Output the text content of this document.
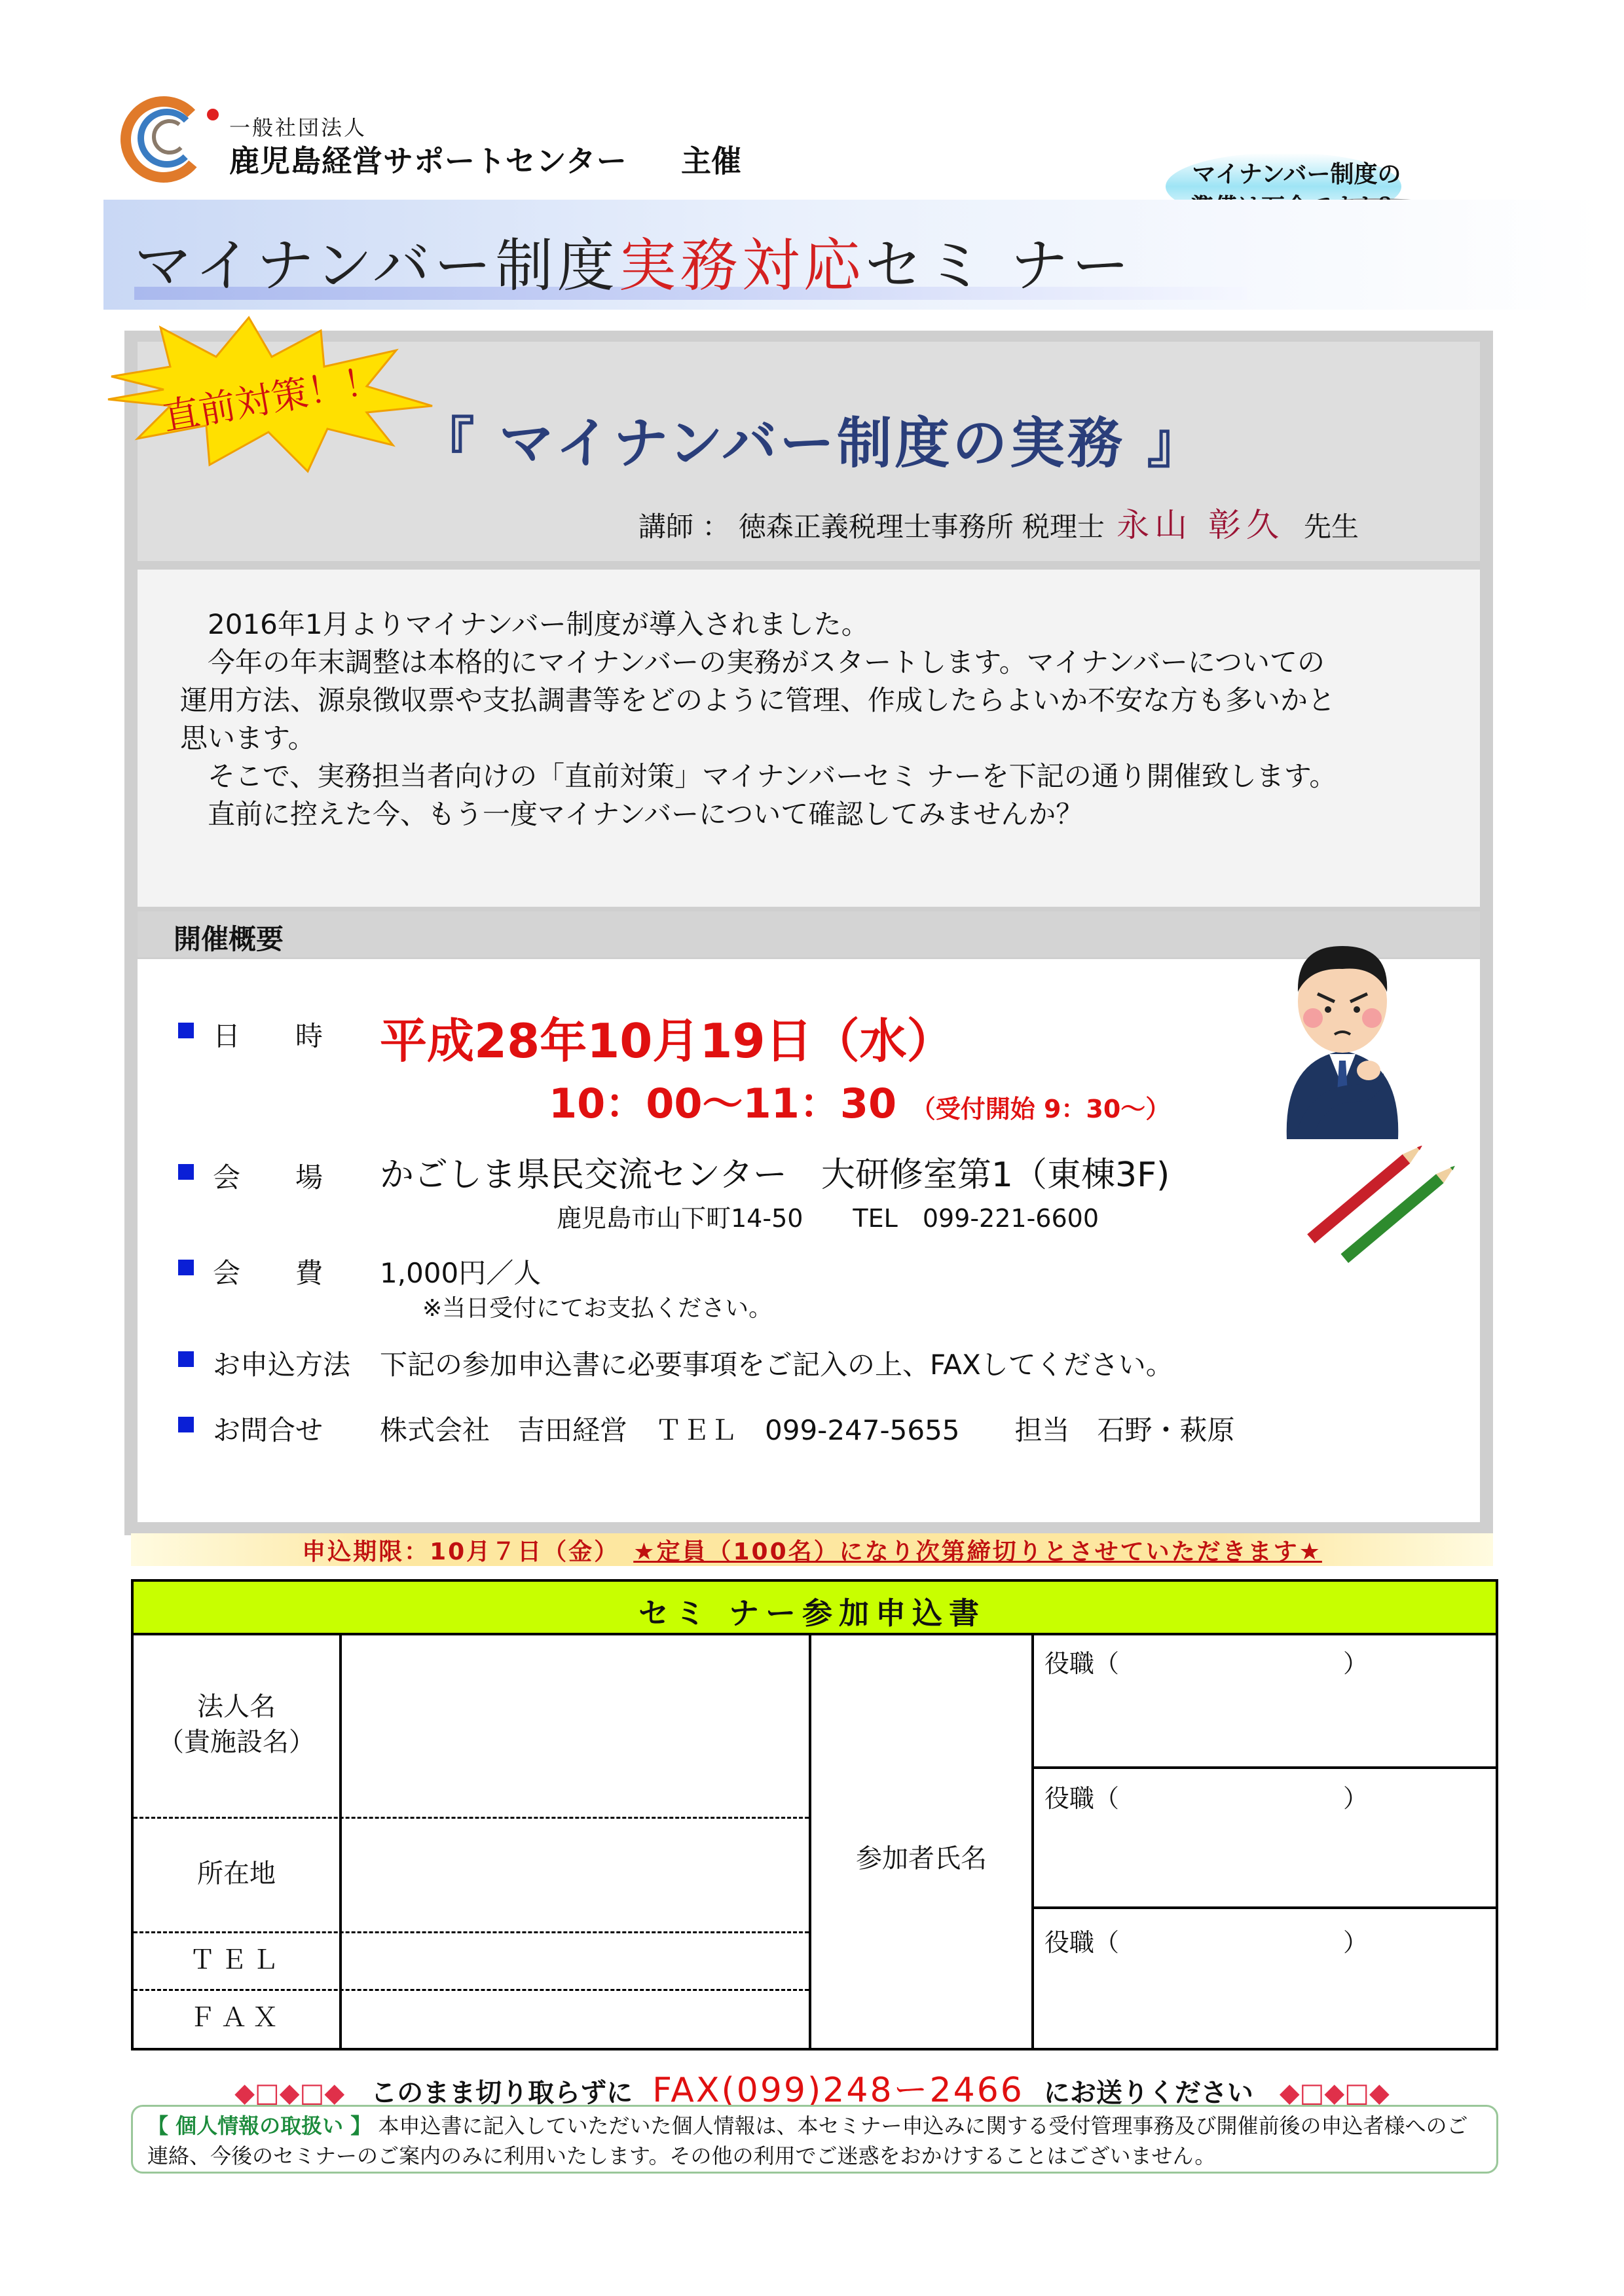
一般社団法人
鹿児島経営サポートセンター 主催	マイナンバー制度の
マイナンバー制度実務対応セミ ナー
直前対策！！
『 マイナンバー制度の実務 』
講師 ： 徳森正義税理士事務所 税理士 永山 彰久 先生

2016年1月よりマイナンバー制度が導入されました。

今年の年末調整は本格的にマイナンバーの実務がスタートします。マイナンバーについての

運用方法、源泉徴収票や支払調書等をどのように管理、作成したらよいか不安な方も多いかと

思います。

そこで、実務担当者向けの「直前対策」マイナンバーセミ ナーを下記の通り開催致します。

直前に控えた今、もう一度マイナンバーについて確認してみませんか？

開催概要
日　　時 平成28年10月19日（水）
10：00〜11：30 （受付開始 9：30〜）
会　　場 かごしま県民交流センター　大研修室第1（東棟3F)
鹿児島市山下町14-50　　TEL　099-221-6600
会　　費 1,000円／人
※当日受付にてお支払ください。
お申込方法 下記の参加申込書に必要事項をご記入の上、FAXしてください。
お問合せ 株式会社　吉田経営　ＴＥＬ　099-247-5655　　担当　石野・萩原
申込期限：10月７日（金）　 ★定員（100名）になり次第締切りとさせていただきます★
セミ ナー参加申込書
法人名
（貴施設名）
所在地
ＴＥＬ
ＦＡＸ
参加者氏名
役職（　　　　　　　　　）
役職（　　　　　　　　　）
役職（　　　　　　　　　）
◆□◆□◆　 このまま切り取らずに FAX(099)248ー2466 にお送りください　 ◆□◆□◆
【 個人情報の取扱い 】 本申込書に記入していただいた個人情報は、本セミナー申込みに関する受付管理事務及び開催前後の申込者様へのご連絡、今後のセミナーのご案内のみに利用いたします。その他の利用でご迷惑をおかけすることはございません。
